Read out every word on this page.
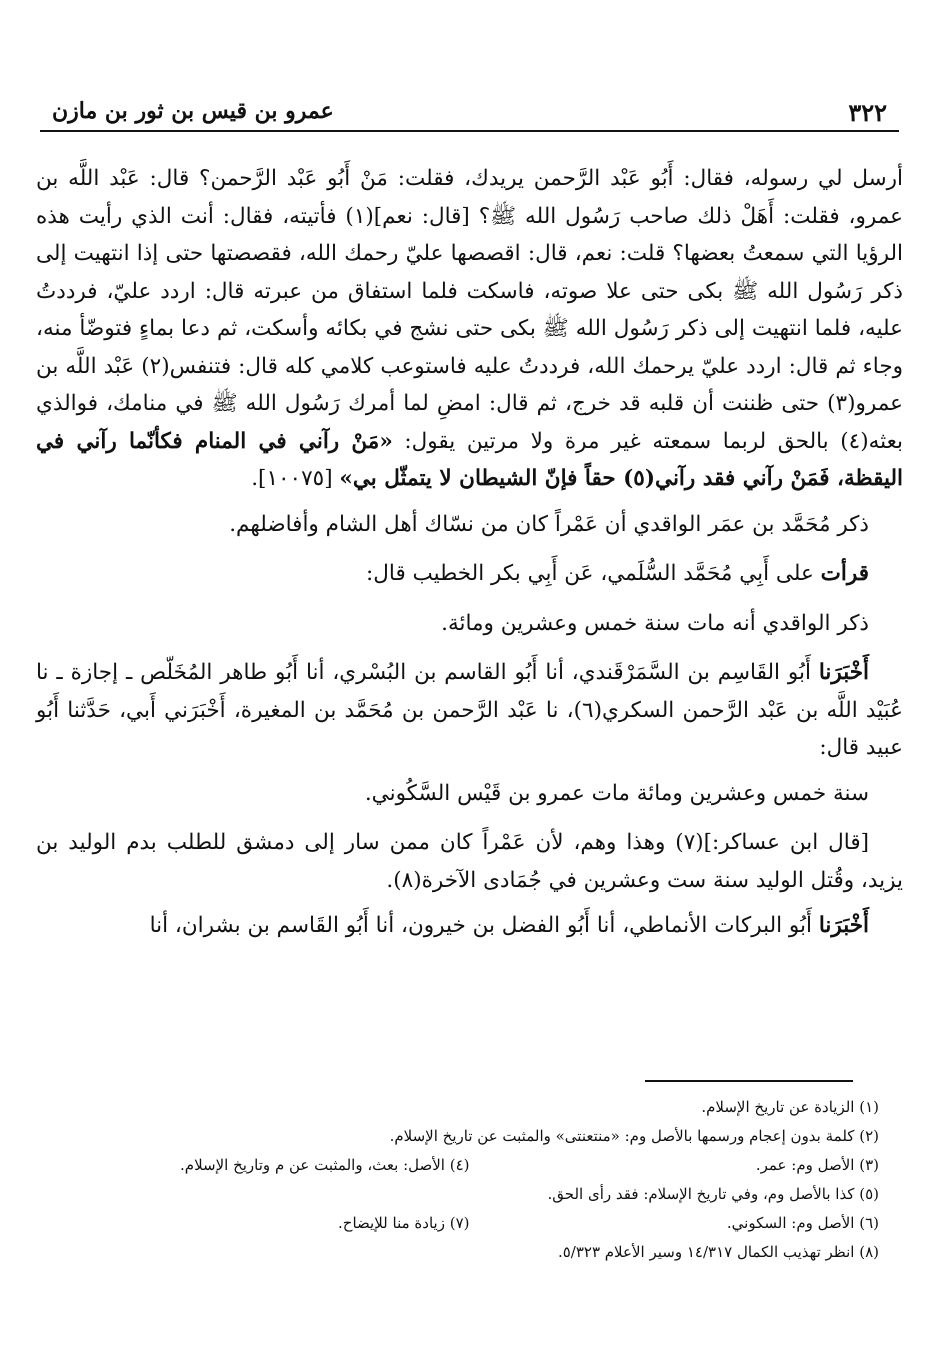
٣٢٢
عمرو بن قيس بن ثور بن مازن

أرسل لي رسوله، فقال: أَبُو عَبْد الرَّحمن يريدك، فقلت: مَنْ أَبُو عَبْد الرَّحمن؟ قال: عَبْد اللَّه بن عمرو، فقلت: أَهَلْ ذلك صاحب رَسُول الله ﷺ؟ [قال: نعم](١) فأتيته، فقال: أنت الذي رأيت هذه الرؤيا التي سمعتُ بعضها؟ قلت: نعم، قال: اقصصها عليّ رحمك الله، فقصصتها حتى إذا انتهيت إلى ذكر رَسُول الله ﷺ بكى حتى علا صوته، فاسكت فلما استفاق من عبرته قال: اردد عليّ، فرددتُ عليه، فلما انتهيت إلى ذكر رَسُول الله ﷺ بكى حتى نشج في بكائه وأسكت، ثم دعا بماءٍ فتوضّأ منه، وجاء ثم قال: اردد عليّ يرحمك الله، فرددتُ عليه فاستوعب كلامي كله قال: فتنفس(٢) عَبْد اللَّه بن عمرو(٣) حتى ظننت أن قلبه قد خرج، ثم قال: امضِ لما أمرك رَسُول الله ﷺ في منامك، فوالذي بعثه(٤) بالحق لربما سمعته غير مرة ولا مرتين يقول: «مَنْ رآني في المنام فكأنّما رآني في اليقظة، فَمَنْ رآني فقد رآني(٥) حقاً فإنّ الشيطان لا يتمثّل بي» [١٠٠٧٥].

ذكر مُحَمَّد بن عمَر الواقدي أن عَمْراً كان من نسّاك أهل الشام وأفاضلهم.

قرأت على أَبِي مُحَمَّد السُّلَمي، عَن أَبِي بكر الخطيب قال:

ذكر الواقدي أنه مات سنة خمس وعشرين ومائة.

أَخْبَرَنا أَبُو القَاسِم بن السَّمَرْقَندي، أنا أَبُو القاسم بن البُسْري، أنا أَبُو طاهر المُخَلّص ـ إجازة ـ نا عُبَيْد اللَّه بن عَبْد الرَّحمن السكري(٦)، نا عَبْد الرَّحمن بن مُحَمَّد بن المغيرة، أَخْبَرَني أَبي، حَدَّثنا أَبُو عبيد قال:

سنة خمس وعشرين ومائة مات عمرو بن قَيْس السَّكُوني.

[قال ابن عساكر:](٧) وهذا وهم، لأن عَمْراً كان ممن سار إلى دمشق للطلب بدم الوليد بن يزيد، وقُتل الوليد سنة ست وعشرين في جُمَادى الآخرة(٨).

أَخْبَرَنا أَبُو البركات الأنماطي، أنا أَبُو الفضل بن خيرون، أنا أَبُو القَاسم بن بشران، أنا

(١) الزيادة عن تاريخ الإسلام.
(٢) كلمة بدون إعجام ورسمها بالأصل وم: «منتعنتى» والمثبت عن تاريخ الإسلام.
(٣) الأصل وم: عمر.
(٤) الأصل: بعث، والمثبت عن م وتاريخ الإسلام.
(٥) كذا بالأصل وم، وفي تاريخ الإسلام: فقد رأى الحق.
(٦) الأصل وم: السكوني.
(٧) زيادة منا للإيضاح.
(٨) انظر تهذيب الكمال ١٤/٣١٧ وسير الأعلام ٥/٣٢٣.
